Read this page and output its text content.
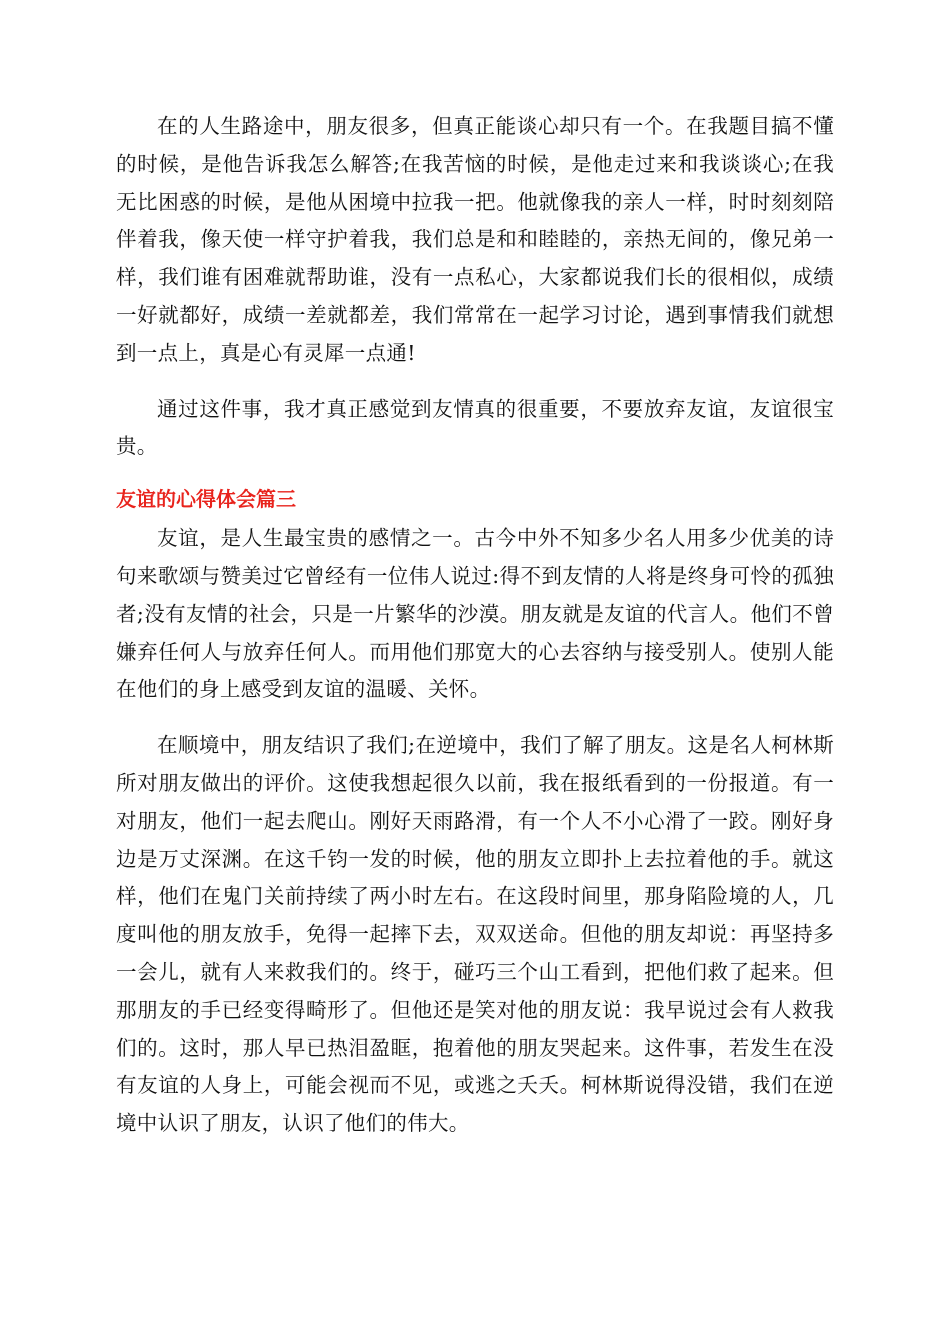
在的人生路途中，朋友很多，但真正能谈心却只有一个。在我题目搞不懂的时候，是他告诉我怎么解答;在我苦恼的时候，是他走过来和我谈谈心;在我无比困惑的时候，是他从困境中拉我一把。他就像我的亲人一样，时时刻刻陪伴着我，像天使一样守护着我，我们总是和和睦睦的，亲热无间的，像兄弟一样，我们谁有困难就帮助谁，没有一点私心，大家都说我们长的很相似，成绩一好就都好，成绩一差就都差，我们常常在一起学习讨论，遇到事情我们就想到一点上，真是心有灵犀一点通!

通过这件事，我才真正感觉到友情真的很重要，不要放弃友谊，友谊很宝贵。

友谊的心得体会篇三

友谊，是人生最宝贵的感情之一。古今中外不知多少名人用多少优美的诗句来歌颂与赞美过它曾经有一位伟人说过:得不到友情的人将是终身可怜的孤独者;没有友情的社会，只是一片繁华的沙漠。朋友就是友谊的代言人。他们不曾嫌弃任何人与放弃任何人。而用他们那宽大的心去容纳与接受别人。使别人能在他们的身上感受到友谊的温暖、关怀。

在顺境中，朋友结识了我们;在逆境中，我们了解了朋友。这是名人柯林斯所对朋友做出的评价。这使我想起很久以前，我在报纸看到的一份报道。有一对朋友，他们一起去爬山。刚好天雨路滑，有一个人不小心滑了一跤。刚好身边是万丈深渊。在这千钧一发的时候，他的朋友立即扑上去拉着他的手。就这样，他们在鬼门关前持续了两小时左右。在这段时间里，那身陷险境的人，几度叫他的朋友放手，免得一起摔下去，双双送命。但他的朋友却说：再坚持多一会儿，就有人来救我们的。终于，碰巧三个山工看到，把他们救了起来。但那朋友的手已经变得畸形了。但他还是笑对他的朋友说：我早说过会有人救我们的。这时，那人早已热泪盈眶，抱着他的朋友哭起来。这件事，若发生在没有友谊的人身上，可能会视而不见，或逃之夭夭。柯林斯说得没错，我们在逆境中认识了朋友，认识了他们的伟大。
